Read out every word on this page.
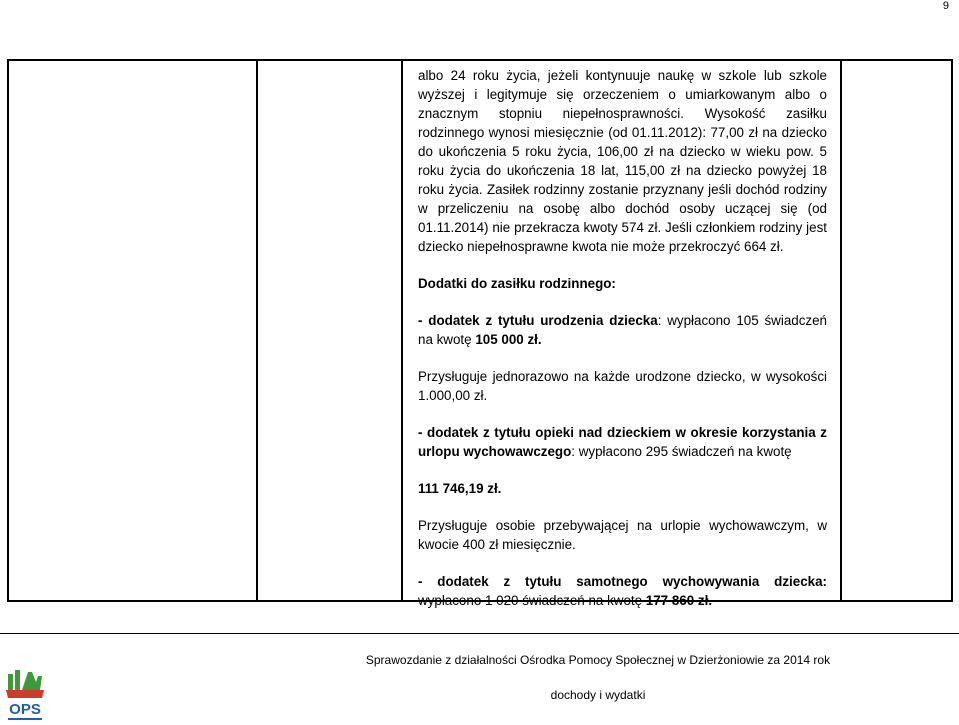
9

albo 24 roku życia, jeżeli kontynuuje naukę w szkole lub szkole wyższej i legitymuje się orzeczeniem o umiarkowanym albo o znacznym stopniu niepełnosprawności. Wysokość zasiłku rodzinnego wynosi miesięcznie (od 01.11.2012): 77,00 zł na dziecko do ukończenia 5 roku życia, 106,00 zł na dziecko w wieku pow. 5 roku życia do ukończenia 18 lat, 115,00 zł na dziecko powyżej 18 roku życia. Zasiłek rodzinny zostanie przyznany jeśli dochód rodziny w przeliczeniu na osobę albo dochód osoby uczącej się (od 01.11.2014) nie przekracza kwoty 574 zł. Jeśli członkiem rodziny jest dziecko niepełnosprawne kwota nie może przekroczyć 664 zł.

Dodatki do zasiłku rodzinnego:

- dodatek z tytułu urodzenia dziecka: wypłacono 105 świadczeń na kwotę 105 000 zł.

Przysługuje jednorazowo na każde urodzone dziecko, w wysokości 1.000,00 zł.

- dodatek z tytułu opieki nad dzieckiem w okresie korzystania z urlopu wychowawczego: wypłacono 295 świadczeń na kwotę

111 746,19 zł.

Przysługuje osobie przebywającej na urlopie wychowawczym, w kwocie 400 zł miesięcznie.

- dodatek z tytułu samotnego wychowywania dziecka: wypłacono 1 020 świadczeń na kwotę 177 860 zł.

OPS
Sprawozdanie z działalności Ośrodka Pomocy Społecznej w Dzierżoniowie za 2014 rok
dochody i wydatki
